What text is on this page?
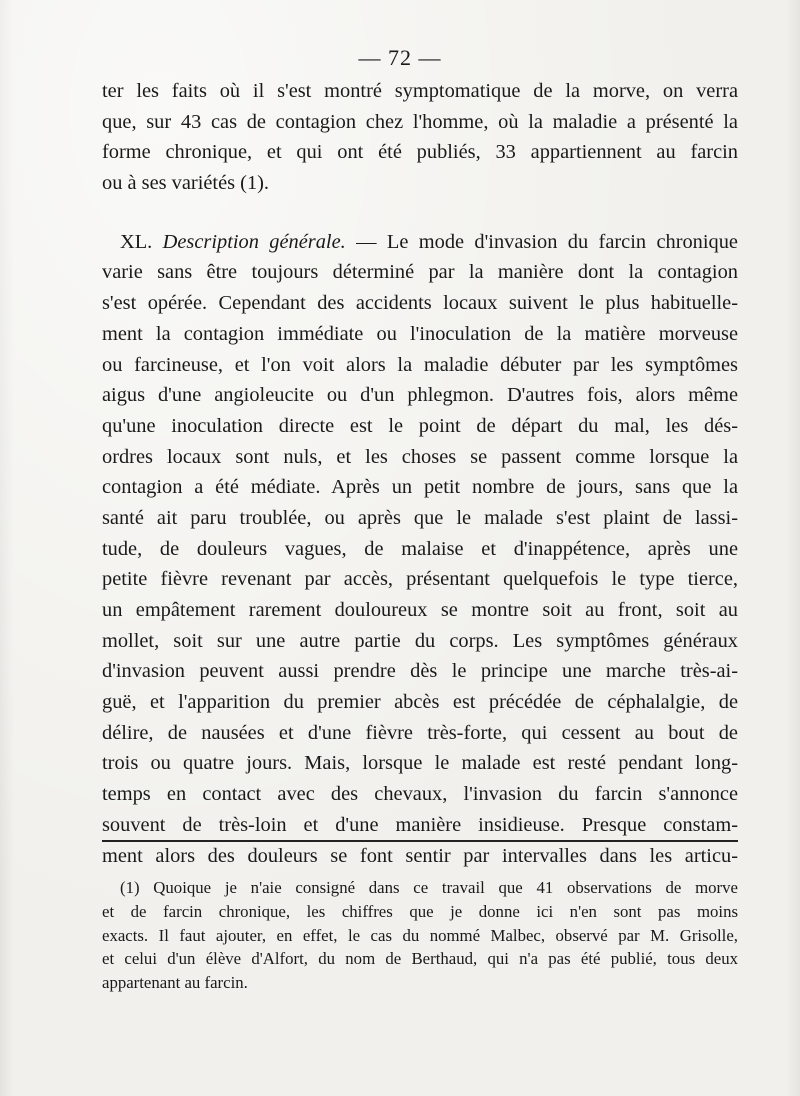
— 72 —
ter les faits où il s'est montré symptomatique de la morve, on verra
que, sur 43 cas de contagion chez l'homme, où la maladie a présenté la
forme chronique, et qui ont été publiés, 33 appartiennent au farcin
ou à ses variétés (1).
XL. Description générale. — Le mode d'invasion du farcin chronique
varie sans être toujours déterminé par la manière dont la contagion
s'est opérée. Cependant des accidents locaux suivent le plus habituelle-
ment la contagion immédiate ou l'inoculation de la matière morveuse
ou farcineuse, et l'on voit alors la maladie débuter par les symptômes
aigus d'une angioleucite ou d'un phlegmon. D'autres fois, alors même
qu'une inoculation directe est le point de départ du mal, les dés-
ordres locaux sont nuls, et les choses se passent comme lorsque la
contagion a été médiate. Après un petit nombre de jours, sans que la
santé ait paru troublée, ou après que le malade s'est plaint de lassi-
tude, de douleurs vagues, de malaise et d'inappétence, après une
petite fièvre revenant par accès, présentant quelquefois le type tierce,
un empâtement rarement douloureux se montre soit au front, soit au
mollet, soit sur une autre partie du corps. Les symptômes généraux
d'invasion peuvent aussi prendre dès le principe une marche très-ai-
guë, et l'apparition du premier abcès est précédée de céphalalgie, de
délire, de nausées et d'une fièvre très-forte, qui cessent au bout de
trois ou quatre jours. Mais, lorsque le malade est resté pendant long-
temps en contact avec des chevaux, l'invasion du farcin s'annonce
souvent de très-loin et d'une manière insidieuse. Presque constam-
ment alors des douleurs se font sentir par intervalles dans les articu-
(1) Quoique je n'aie consigné dans ce travail que 41 observations de morve
et de farcin chronique, les chiffres que je donne ici n'en sont pas moins
exacts. Il faut ajouter, en effet, le cas du nommé Malbec, observé par M. Grisolle,
et celui d'un élève d'Alfort, du nom de Berthaud, qui n'a pas été publié, tous deux
appartenant au farcin.
